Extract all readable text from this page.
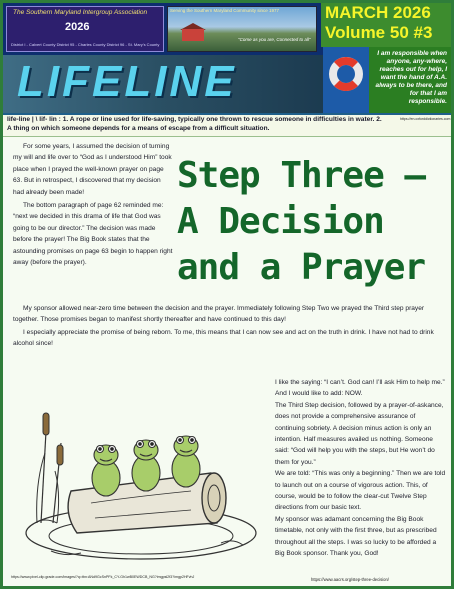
The Southern Maryland Intergroup Association
2026
District I - Calvert County District 95 - Charles County District 96 - St. Mary's County
Serving the Southern Maryland Community since 1977
"Come as you are, Connected to all"
MARCH 2026
Volume 50 #3
LIFELINE
I am responsible when anyone, any-where, reaches out for help, I want the hand of A.A. always to be there, and for that I am responsible.
life-line | \ lif- lin : 1. A rope or line used for life-saving, typically one thrown to rescue someone in difficulties in water. 2. A thing on which someone depends for a means of escape from a difficult situation.
https://en.oxforddictionaries.com

For some years, I assumed the decision of turning my will and life over to “God as I understood Him” took place when I prayed the well-known prayer on page 63. But in retrospect, I discovered that my decision had already been made!

The bottom paragraph of page 62 reminded me: “next we decided in this drama of life that God was going to be our director.” The decision was made before the prayer! The Big Book states that the astounding promises on page 63 begin to happen right away (before the prayer).

Step Three –
A Decision
and a Prayer

My sponsor allowed near-zero time between the decision and the prayer. Immediately following Step Two we prayed the Third step prayer together. Those promises began to manifest shortly thereafter and have continued to this day!

I especially appreciate the promise of being reborn. To me, this means that I can now see and act on the truth in drink. I have not had to drink alcohol since!

I like the saying: “I can’t. God can! I’ll ask Him to help me.” And I would like to add: NOW.

The Third Step decision, followed by a prayer-of-askance, does not provide a comprehensive assurance of continuing sobriety. A decision minus action is only an intention. Half measures availed us nothing. Someone said: “God will help you with the steps, but He won’t do them for you.”

We are told: “This was only a beginning.” Then we are told to launch out on a course of vigorous action. This, of course, would be to follow the clear-cut Twelve Step directions from our basic text.

My sponsor was adamant concerning the Big Book timetable, not only with the first three, but as prescribed throughout all the steps. I was so lucky to be afforded a Big Book sponsor. Thank you, God!

https://www.pixel-clip.grade.com/images/?q=tbn:ANd9GcSnPFk_CY-Gh1wB0EWDCB_NG?imgpsl2f3?imgp2HFvhJ	https://www.aacrs.org/step-three-decision/
